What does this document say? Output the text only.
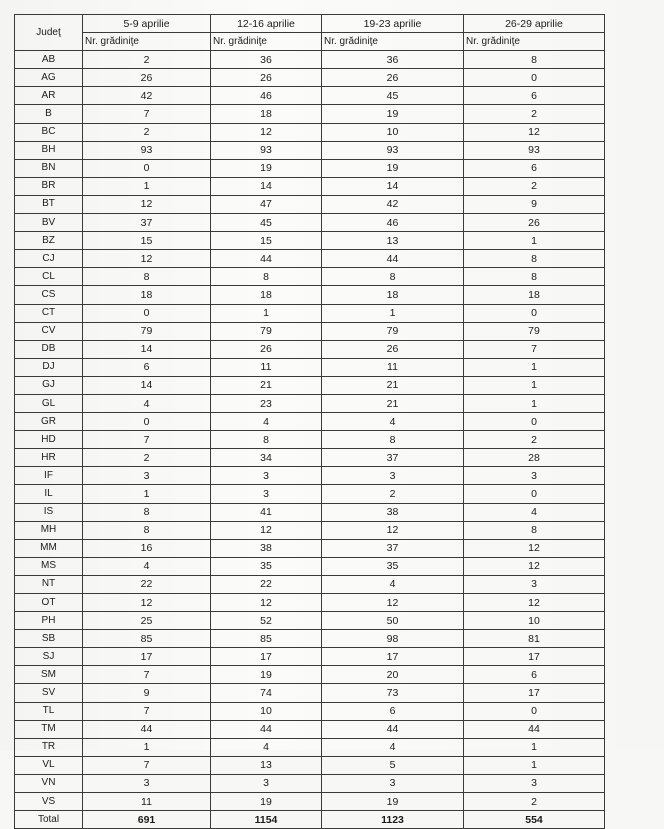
Judeţ	5-9 aprilie	12-16 aprilie	19-23 aprilie	26-29 aprilie
	Nr. grădiniţe	Nr. grădiniţe	Nr. grădiniţe	Nr. grădiniţe
AB	2	36	36	8
AG	26	26	26	0
AR	42	46	45	6
B	7	18	19	2
BC	2	12	10	12
BH	93	93	93	93
BN	0	19	19	6
BR	1	14	14	2
BT	12	47	42	9
BV	37	45	46	26
BZ	15	15	13	1
CJ	12	44	44	8
CL	8	8	8	8
CS	18	18	18	18
CT	0	1	1	0
CV	79	79	79	79
DB	14	26	26	7
DJ	6	11	11	1
GJ	14	21	21	1
GL	4	23	21	1
GR	0	4	4	0
HD	7	8	8	2
HR	2	34	37	28
IF	3	3	3	3
IL	1	3	2	0
IS	8	41	38	4
MH	8	12	12	8
MM	16	38	37	12
MS	4	35	35	12
NT	22	22	4	3
OT	12	12	12	12
PH	25	52	50	10
SB	85	85	98	81
SJ	17	17	17	17
SM	7	19	20	6
SV	9	74	73	17
TL	7	10	6	0
TM	44	44	44	44
TR	1	4	4	1
VL	7	13	5	1
VN	3	3	3	3
VS	11	19	19	2
Total	691	1154	1123	554
